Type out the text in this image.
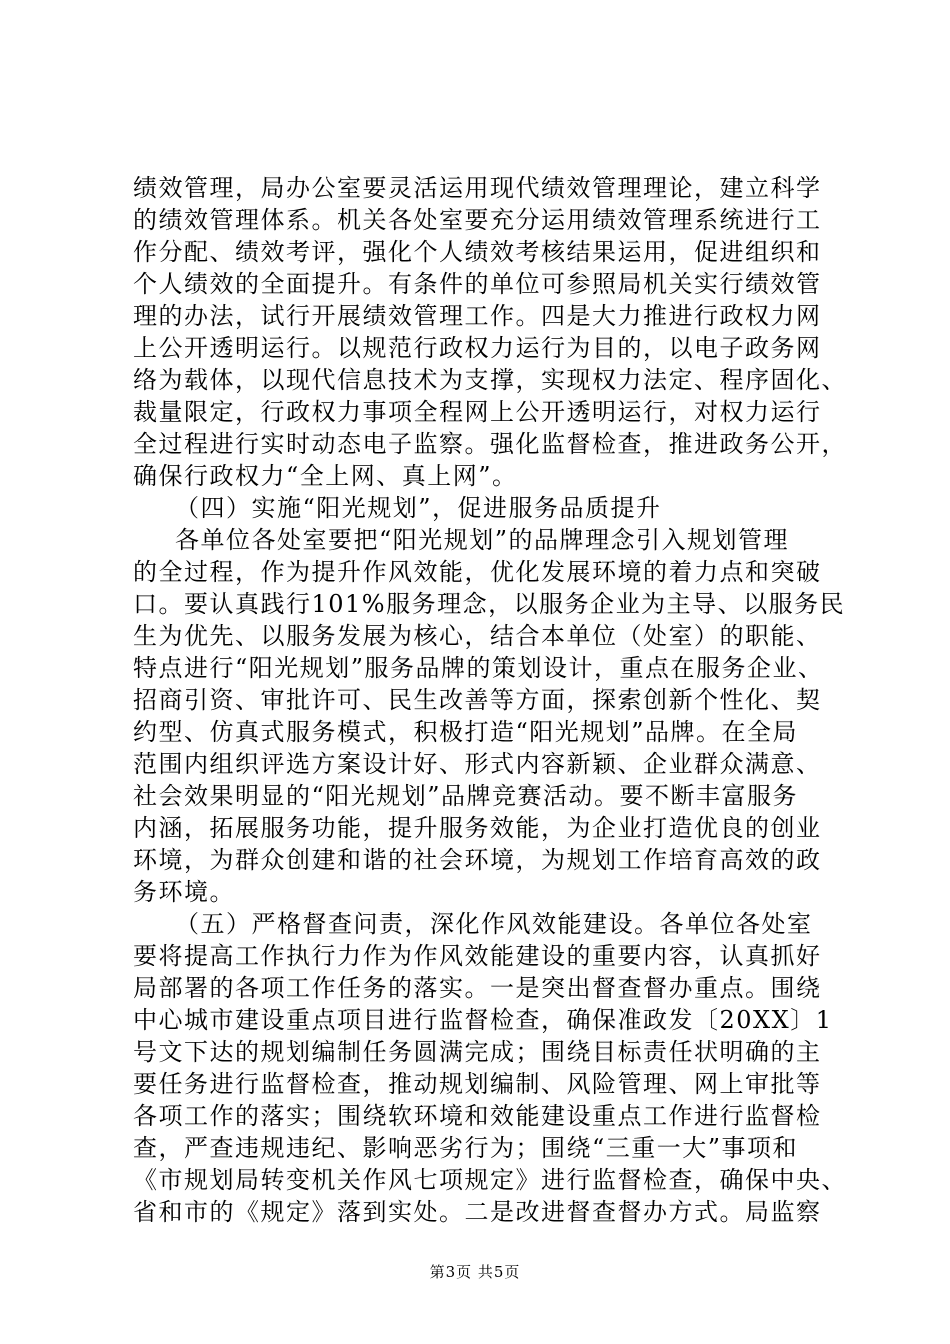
绩效管理，局办公室要灵活运用现代绩效管理理论，建立科学
的绩效管理体系。机关各处室要充分运用绩效管理系统进行工
作分配、绩效考评，强化个人绩效考核结果运用，促进组织和
个人绩效的全面提升。有条件的单位可参照局机关实行绩效管
理的办法，试行开展绩效管理工作。四是大力推进行政权力网
上公开透明运行。以规范行政权力运行为目的，以电子政务网
络为载体，以现代信息技术为支撑，实现权力法定、程序固化、
裁量限定，行政权力事项全程网上公开透明运行，对权力运行
全过程进行实时动态电子监察。强化监督检查，推进政务公开，
确保行政权力“全上网、真上网”。
（四）实施“阳光规划”，促进服务品质提升
各单位各处室要把“阳光规划”的品牌理念引入规划管理
的全过程，作为提升作风效能，优化发展环境的着力点和突破
口。要认真践行101%服务理念，以服务企业为主导、以服务民
生为优先、以服务发展为核心，结合本单位（处室）的职能、
特点进行“阳光规划”服务品牌的策划设计，重点在服务企业、
招商引资、审批许可、民生改善等方面，探索创新个性化、契
约型、仿真式服务模式，积极打造“阳光规划”品牌。在全局
范围内组织评选方案设计好、形式内容新颖、企业群众满意、
社会效果明显的“阳光规划”品牌竞赛活动。要不断丰富服务
内涵，拓展服务功能，提升服务效能，为企业打造优良的创业
环境，为群众创建和谐的社会环境，为规划工作培育高效的政
务环境。
（五）严格督查问责，深化作风效能建设。各单位各处室
要将提高工作执行力作为作风效能建设的重要内容，认真抓好
局部署的各项工作任务的落实。一是突出督查督办重点。围绕
中心城市建设重点项目进行监督检查，确保准政发〔20XX〕1
号文下达的规划编制任务圆满完成；围绕目标责任状明确的主
要任务进行监督检查，推动规划编制、风险管理、网上审批等
各项工作的落实；围绕软环境和效能建设重点工作进行监督检
查，严查违规违纪、影响恶劣行为；围绕“三重一大”事项和
《市规划局转变机关作风七项规定》进行监督检查，确保中央、
省和市的《规定》落到实处。二是改进督查督办方式。局监察
第3页 共5页
